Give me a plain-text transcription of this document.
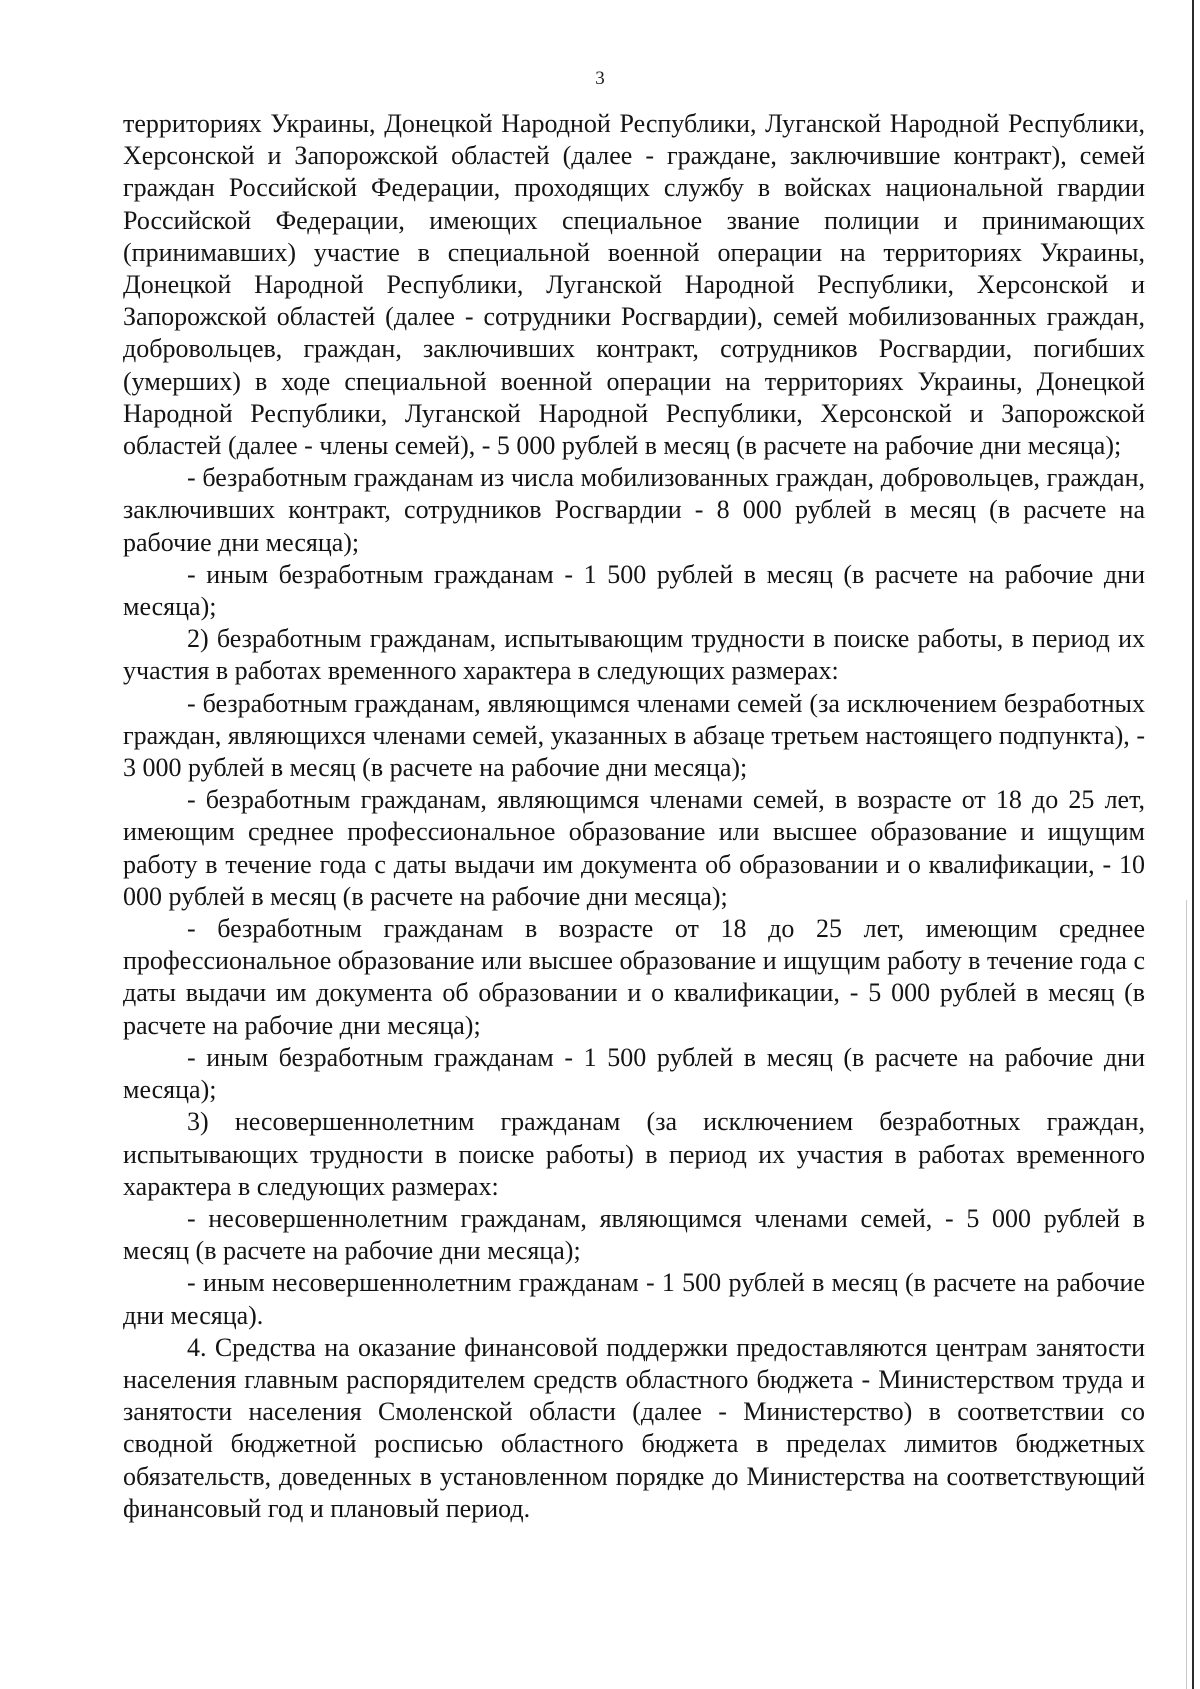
3

территориях Украины, Донецкой Народной Республики, Луганской Народной Республики, Херсонской и Запорожской областей (далее - граждане, заключившие контракт), семей граждан Российской Федерации, проходящих службу в войсках национальной гвардии Российской Федерации, имеющих специальное звание полиции и принимающих (принимавших) участие в специальной военной операции на территориях Украины, Донецкой Народной Республики, Луганской Народной Республики, Херсонской и Запорожской областей (далее - сотрудники Росгвардии), семей мобилизованных граждан, добровольцев, граждан, заключивших контракт, сотрудников Росгвардии, погибших (умерших) в ходе специальной военной операции на территориях Украины, Донецкой Народной Республики, Луганской Народной Республики, Херсонской и Запорожской областей (далее - члены семей), - 5 000 рублей в месяц (в расчете на рабочие дни месяца);

- безработным гражданам из числа мобилизованных граждан, добровольцев, граждан, заключивших контракт, сотрудников Росгвардии - 8 000 рублей в месяц (в расчете на рабочие дни месяца);

- иным безработным гражданам - 1 500 рублей в месяц (в расчете на рабочие дни месяца);

2) безработным гражданам, испытывающим трудности в поиске работы, в период их участия в работах временного характера в следующих размерах:

- безработным гражданам, являющимся членами семей (за исключением безработных граждан, являющихся членами семей, указанных в абзаце третьем настоящего подпункта), - 3 000 рублей в месяц (в расчете на рабочие дни месяца);

- безработным гражданам, являющимся членами семей, в возрасте от 18 до 25 лет, имеющим среднее профессиональное образование или высшее образование и ищущим работу в течение года с даты выдачи им документа об образовании и о квалификации, - 10 000 рублей в месяц (в расчете на рабочие дни месяца);

- безработным гражданам в возрасте от 18 до 25 лет, имеющим среднее профессиональное образование или высшее образование и ищущим работу в течение года с даты выдачи им документа об образовании и о квалификации, - 5 000 рублей в месяц (в расчете на рабочие дни месяца);

- иным безработным гражданам - 1 500 рублей в месяц (в расчете на рабочие дни месяца);

3) несовершеннолетним гражданам (за исключением безработных граждан, испытывающих трудности в поиске работы) в период их участия в работах временного характера в следующих размерах:

- несовершеннолетним гражданам, являющимся членами семей, - 5 000 рублей в месяц (в расчете на рабочие дни месяца);

- иным несовершеннолетним гражданам - 1 500 рублей в месяц (в расчете на рабочие дни месяца).

4. Средства на оказание финансовой поддержки предоставляются центрам занятости населения главным распорядителем средств областного бюджета - Министерством труда и занятости населения Смоленской области (далее - Министерство) в соответствии со сводной бюджетной росписью областного бюджета в пределах лимитов бюджетных обязательств, доведенных в установленном порядке до Министерства на соответствующий финансовый год и плановый период.
